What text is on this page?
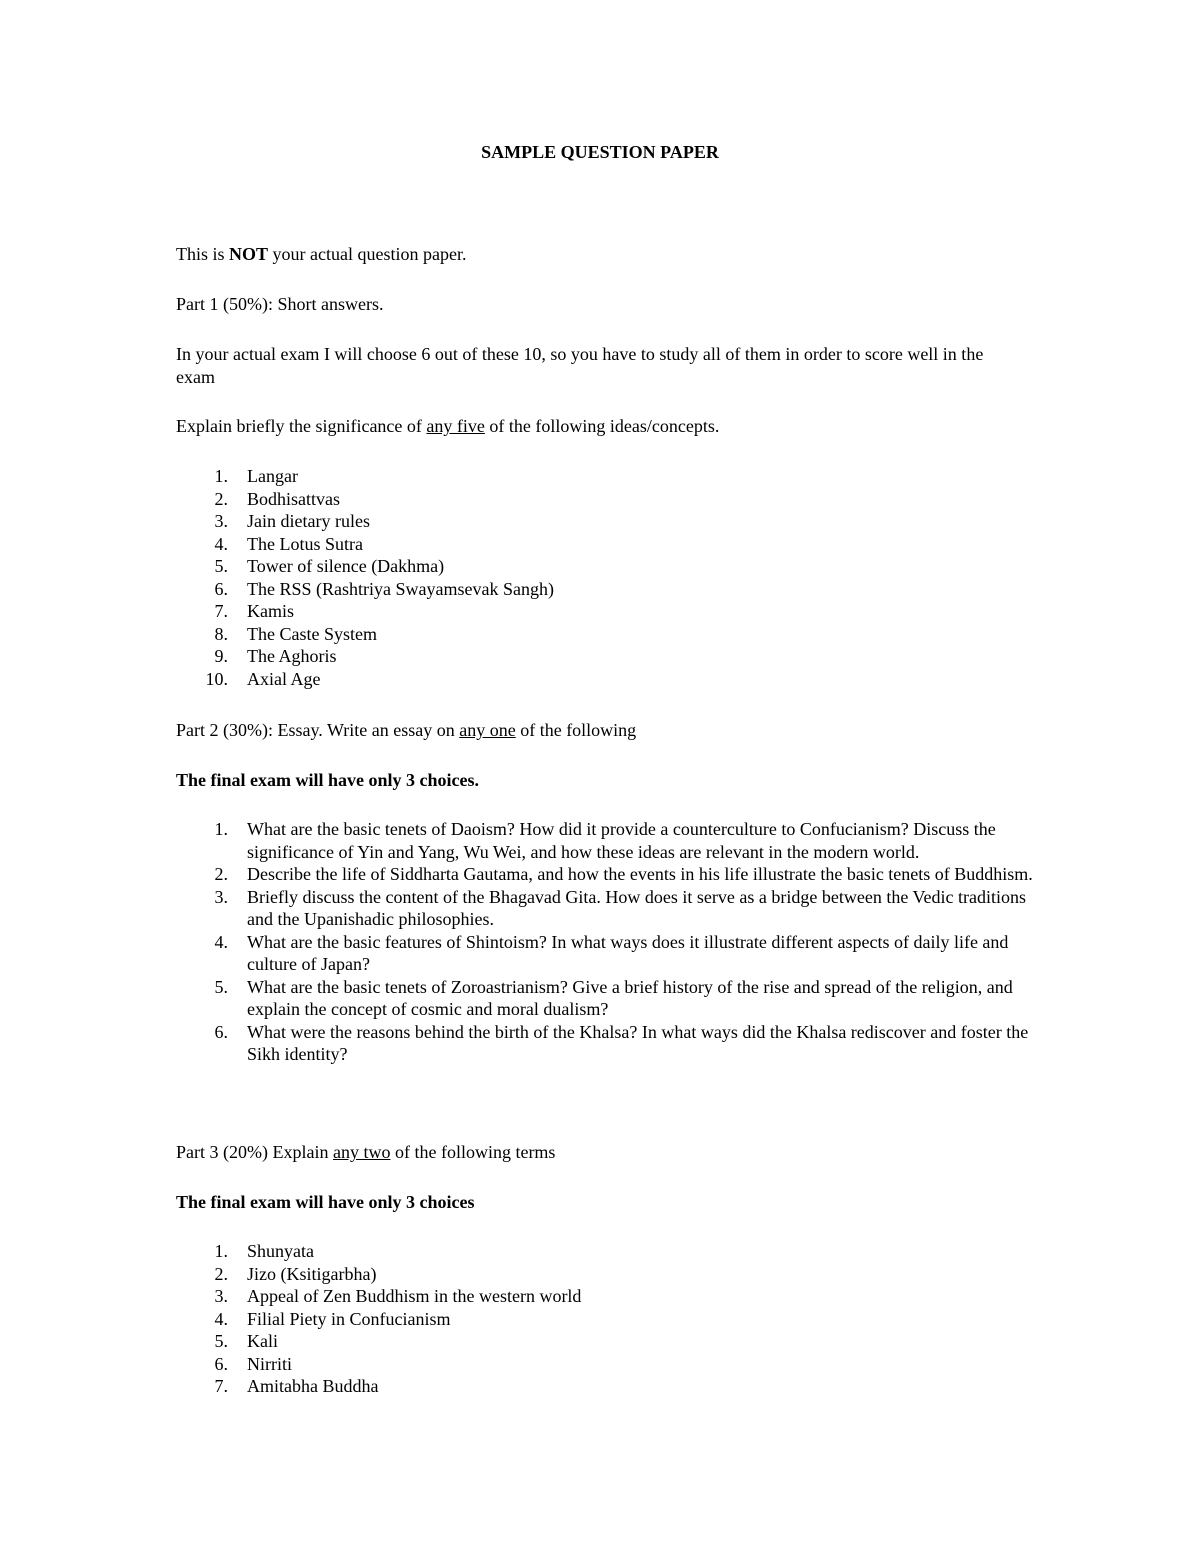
SAMPLE QUESTION PAPER
This is NOT your actual question paper.
Part 1 (50%): Short answers.
In your actual exam I will choose 6 out of these 10, so you have to study all of them in order to score well in the exam
Explain briefly the significance of any five of the following ideas/concepts.
1. Langar
2. Bodhisattvas
3. Jain dietary rules
4. The Lotus Sutra
5. Tower of silence (Dakhma)
6. The RSS (Rashtriya Swayamsevak Sangh)
7. Kamis
8. The Caste System
9. The Aghoris
10. Axial Age
Part 2 (30%): Essay. Write an essay on any one of the following
The final exam will have only 3 choices.
1. What are the basic tenets of Daoism? How did it provide a counterculture to Confucianism? Discuss the significance of Yin and Yang, Wu Wei, and how these ideas are relevant in the modern world.
2. Describe the life of Siddharta Gautama, and how the events in his life illustrate the basic tenets of Buddhism.
3. Briefly discuss the content of the Bhagavad Gita. How does it serve as a bridge between the Vedic traditions and the Upanishadic philosophies.
4. What are the basic features of Shintoism? In what ways does it illustrate different aspects of daily life and culture of Japan?
5. What are the basic tenets of Zoroastrianism? Give a brief history of the rise and spread of the religion, and explain the concept of cosmic and moral dualism?
6. What were the reasons behind the birth of the Khalsa? In what ways did the Khalsa rediscover and foster the Sikh identity?
Part 3 (20%) Explain any two of the following terms
The final exam will have only 3 choices
1. Shunyata
2. Jizo (Ksitigarbha)
3. Appeal of Zen Buddhism in the western world
4. Filial Piety in Confucianism
5. Kali
6. Nirriti
7. Amitabha Buddha
